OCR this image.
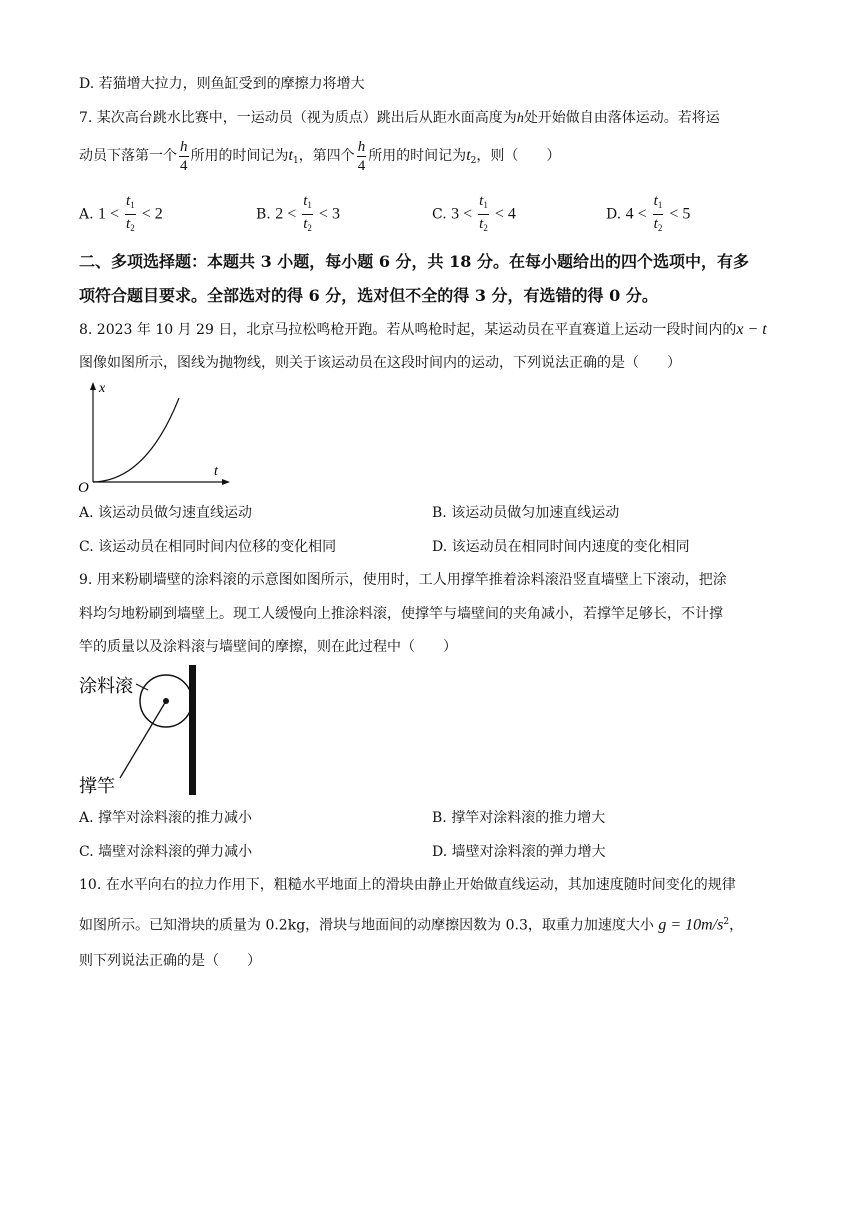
D. 若猫增大拉力，则鱼缸受到的摩擦力将增大
7. 某次高台跳水比赛中，一运动员（视为质点）跳出后从距水面高度为h处开始做自由落体运动。若将运
动员下落第一个 $\frac{h}{4}$ 所用的时间记为$t_1$，第四个 $\frac{h}{4}$ 所用的时间记为$t_2$，则（　　）
A. $1 < \frac{t_1}{t_2} < 2$	B. $2 < \frac{t_1}{t_2} < 3$	C. $3 < \frac{t_1}{t_2} < 4$	D. $4 < \frac{t_1}{t_2} < 5$
二、多项选择题：本题共 3 小题，每小题 6 分，共 18 分。在每小题给出的四个选项中，有多
项符合题目要求。全部选对的得 6 分，选对但不全的得 3 分，有选错的得 0 分。
8. 2023 年 10 月 29 日，北京马拉松鸣枪开跑。若从鸣枪时起，某运动员在平直赛道上运动一段时间内的x − t
图像如图所示，图线为抛物线，则关于该运动员在这段时间内的运动，下列说法正确的是（　　）
x
t
O
A. 该运动员做匀速直线运动	B. 该运动员做匀加速直线运动
C. 该运动员在相同时间内位移的变化相同	D. 该运动员在相同时间内速度的变化相同
9. 用来粉刷墙壁的涂料滚的示意图如图所示，使用时，工人用撑竿推着涂料滚沿竖直墙壁上下滚动，把涂
料均匀地粉刷到墙壁上。现工人缓慢向上推涂料滚，使撑竿与墙壁间的夹角减小，若撑竿足够长，不计撑
竿的质量以及涂料滚与墙壁间的摩擦，则在此过程中（　　）
涂料滚
撑竿
A. 撑竿对涂料滚的推力减小	B. 撑竿对涂料滚的推力增大
C. 墙壁对涂料滚的弹力减小	D. 墙壁对涂料滚的弹力增大
10. 在水平向右的拉力作用下，粗糙水平地面上的滑块由静止开始做直线运动，其加速度随时间变化的规律
如图所示。已知滑块的质量为 0.2kg，滑块与地面间的动摩擦因数为 0.3，取重力加速度大小 $g = 10m/s^2$，
则下列说法正确的是（　　）
